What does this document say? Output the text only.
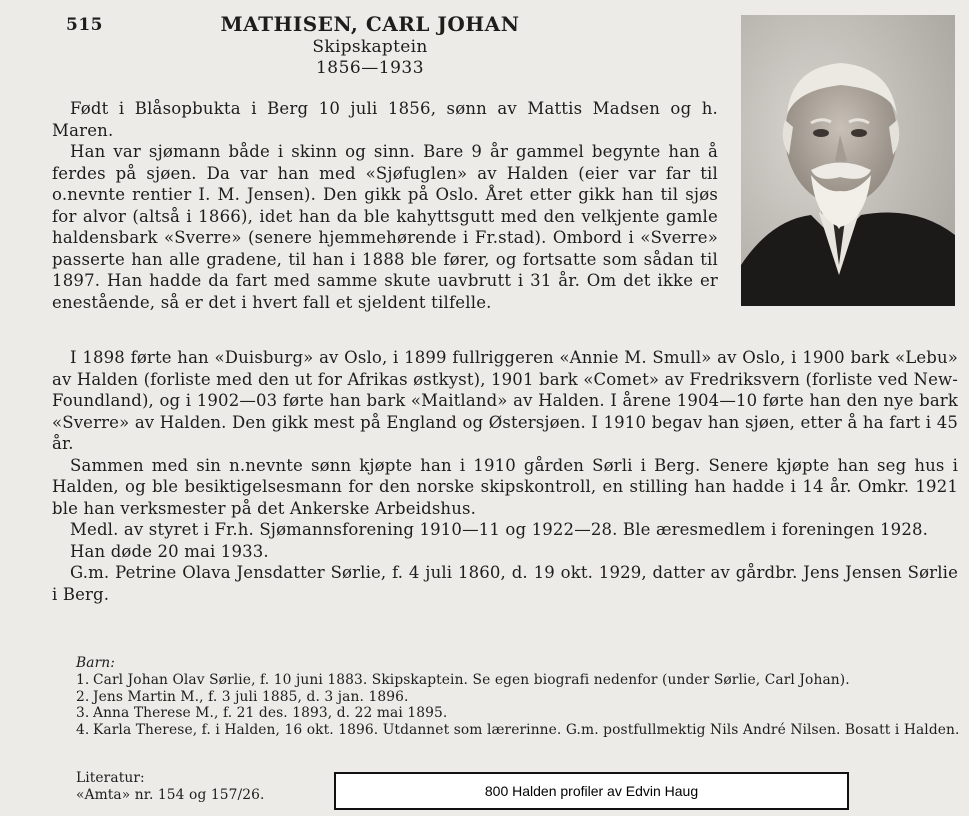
515	MATHISEN, CARL JOHAN
Skipskaptein
1856—1933

Født i Blåsopbukta i Berg 10 juli 1856, sønn av Mattis Madsen og h. Maren.

Han var sjømann både i skinn og sinn. Bare 9 år gammel begynte han å ferdes på sjøen. Da var han med «Sjøfuglen» av Halden (eier var far til o.nevnte rentier I. M. Jensen). Den gikk på Oslo. Året etter gikk han til sjøs for alvor (altså i 1866), idet han da ble kahyttsgutt med den velkjente gamle haldensbark «Sverre» (senere hjemmehørende i Fr.stad). Ombord i «Sverre» passerte han alle gradene, til han i 1888 ble fører, og fortsatte som sådan til 1897. Han hadde da fart med samme skute uavbrutt i 31 år. Om det ikke er enestående, så er det i hvert fall et sjeldent tilfelle.

I 1898 førte han «Duisburg» av Oslo, i 1899 fullriggeren «Annie M. Smull» av Oslo, i 1900 bark «Lebu» av Halden (forliste med den ut for Afrikas østkyst), 1901 bark «Comet» av Fredriksvern (forliste ved New-Foundland), og i 1902—03 førte han bark «Maitland» av Halden. I årene 1904—10 førte han den nye bark «Sverre» av Halden. Den gikk mest på England og Østersjøen. I 1910 begav han sjøen, etter å ha fart i 45 år.

Sammen med sin n.nevnte sønn kjøpte han i 1910 gården Sørli i Berg. Senere kjøpte han seg hus i Halden, og ble besiktigelsesmann for den norske skipskontroll, en stilling han hadde i 14 år. Omkr. 1921 ble han verksmester på det Ankerske Arbeidshus.

Medl. av styret i Fr.h. Sjømannsforening 1910—11 og 1922—28. Ble æresmedlem i foreningen 1928.

Han døde 20 mai 1933.

G.m. Petrine Olava Jensdatter Sørlie, f. 4 juli 1860, d. 19 okt. 1929, datter av gårdbr. Jens Jensen Sørlie i Berg.

Barn:
1. Carl Johan Olav Sørlie, f. 10 juni 1883. Skipskaptein. Se egen biografi nedenfor (under Sørlie, Carl Johan).
2. Jens Martin M., f. 3 juli 1885, d. 3 jan. 1896.
3. Anna Therese M., f. 21 des. 1893, d. 22 mai 1895.
4. Karla Therese, f. i Halden, 16 okt. 1896. Utdannet som lærerinne. G.m. postfullmektig Nils André Nilsen. Bosatt i Halden.
Literatur:
«Amta» nr. 154 og 157/26.	800 Halden profiler av Edvin Haug
